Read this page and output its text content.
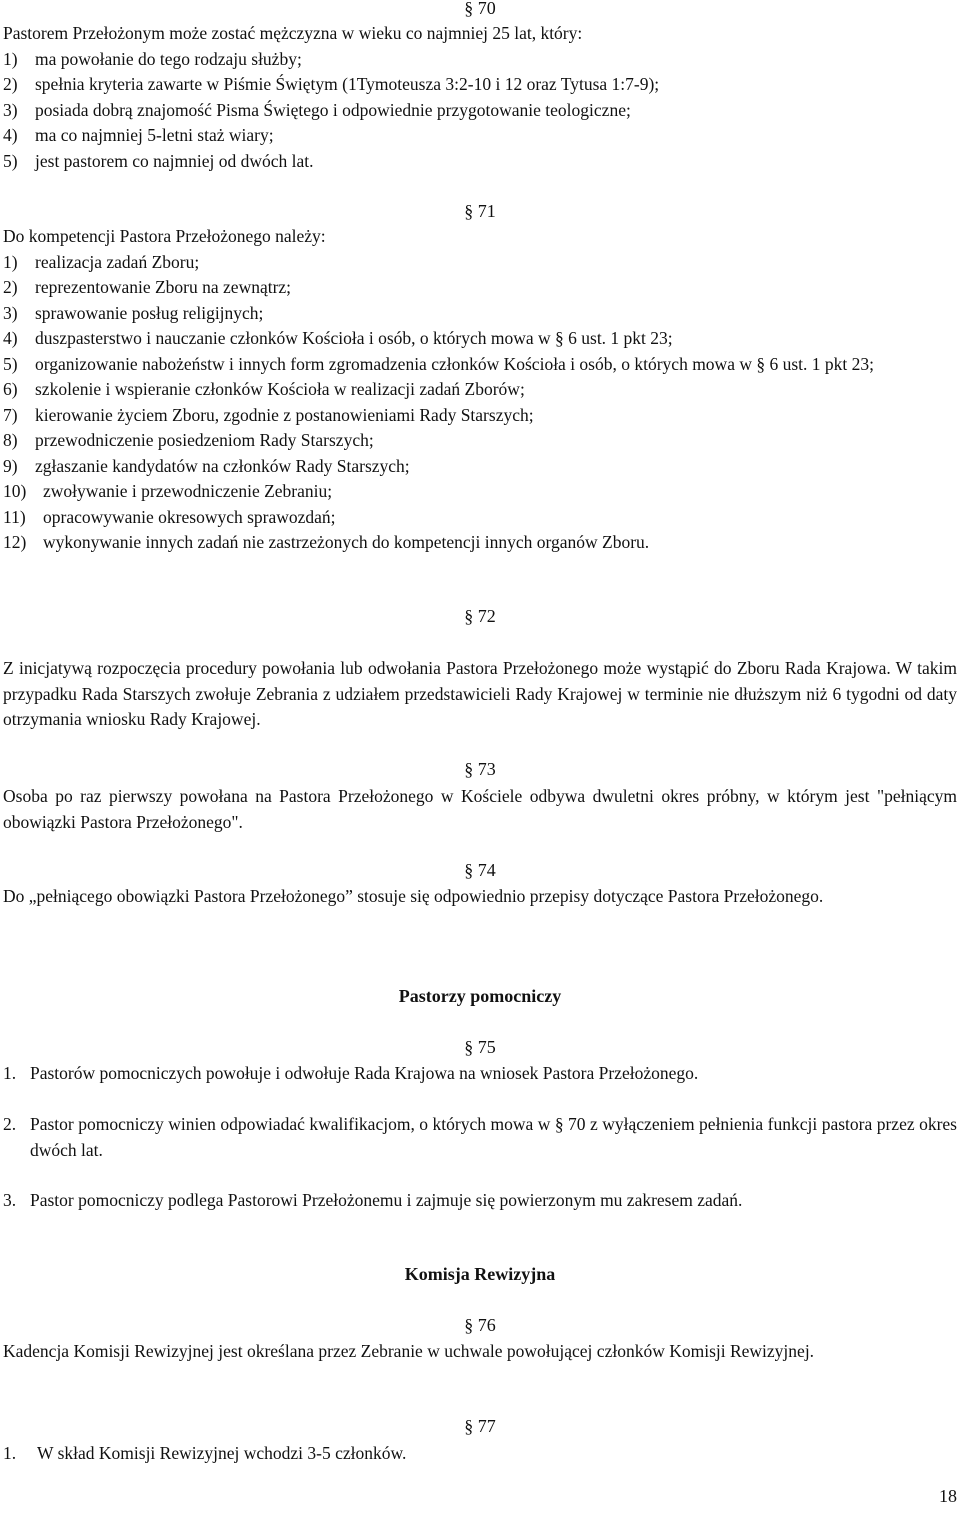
§ 70

Pastorem Przełożonym może zostać mężczyzna w wieku co najmniej 25 lat, który:

1) ma powołanie do tego rodzaju służby;
2) spełnia kryteria zawarte w Piśmie Świętym (1Tymoteusza 3:2-10 i 12 oraz Tytusa 1:7-9);
3) posiada dobrą znajomość Pisma Świętego i odpowiednie przygotowanie teologiczne;
4) ma co najmniej 5-letni staż wiary;
5) jest pastorem co najmniej od dwóch lat.
§ 71

Do kompetencji Pastora Przełożonego należy:

1) realizacja zadań Zboru;
2) reprezentowanie Zboru na zewnątrz;
3) sprawowanie posług religijnych;
4) duszpasterstwo i nauczanie członków Kościoła i osób, o których mowa w § 6 ust. 1 pkt 23;
5) organizowanie nabożeństw i innych form zgromadzenia członków Kościoła i osób, o których mowa w § 6 ust. 1 pkt 23;
6) szkolenie i wspieranie członków Kościoła w realizacji zadań Zborów;
7) kierowanie życiem Zboru, zgodnie z postanowieniami Rady Starszych;
8) przewodniczenie posiedzeniom Rady Starszych;
9) zgłaszanie kandydatów na członków Rady Starszych;
10) zwoływanie i przewodniczenie Zebraniu;
11) opracowywanie okresowych sprawozdań;
12) wykonywanie innych zadań nie zastrzeżonych do kompetencji innych organów Zboru.
§ 72

Z inicjatywą rozpoczęcia procedury powołania lub odwołania Pastora Przełożonego może wystąpić do Zboru Rada Krajowa. W takim przypadku Rada Starszych zwołuje Zebrania z udziałem przedstawicieli Rady Krajowej w terminie nie dłuższym niż 6 tygodni od daty otrzymania wniosku Rady Krajowej.

§ 73

Osoba po raz pierwszy powołana na Pastora Przełożonego w Kościele odbywa dwuletni okres próbny, w którym jest "pełniącym obowiązki Pastora Przełożonego".

§ 74

Do „pełniącego obowiązki Pastora Przełożonego” stosuje się odpowiednio przepisy dotyczące Pastora Przełożonego.

Pastorzy pomocniczy
§ 75
1. Pastorów pomocniczych powołuje i odwołuje Rada Krajowa na wniosek Pastora Przełożonego.
2. Pastor pomocniczy winien odpowiadać kwalifikacjom, o których mowa w § 70 z wyłączeniem pełnienia funkcji pastora przez okres dwóch lat.
3. Pastor pomocniczy podlega Pastorowi Przełożonemu i zajmuje się powierzonym mu zakresem zadań.
Komisja Rewizyjna
§ 76

Kadencja Komisji Rewizyjnej jest określana przez Zebranie w uchwale powołującej członków Komisji Rewizyjnej.

§ 77
1.	W skład Komisji Rewizyjnej wchodzi 3-5 członków.
18
